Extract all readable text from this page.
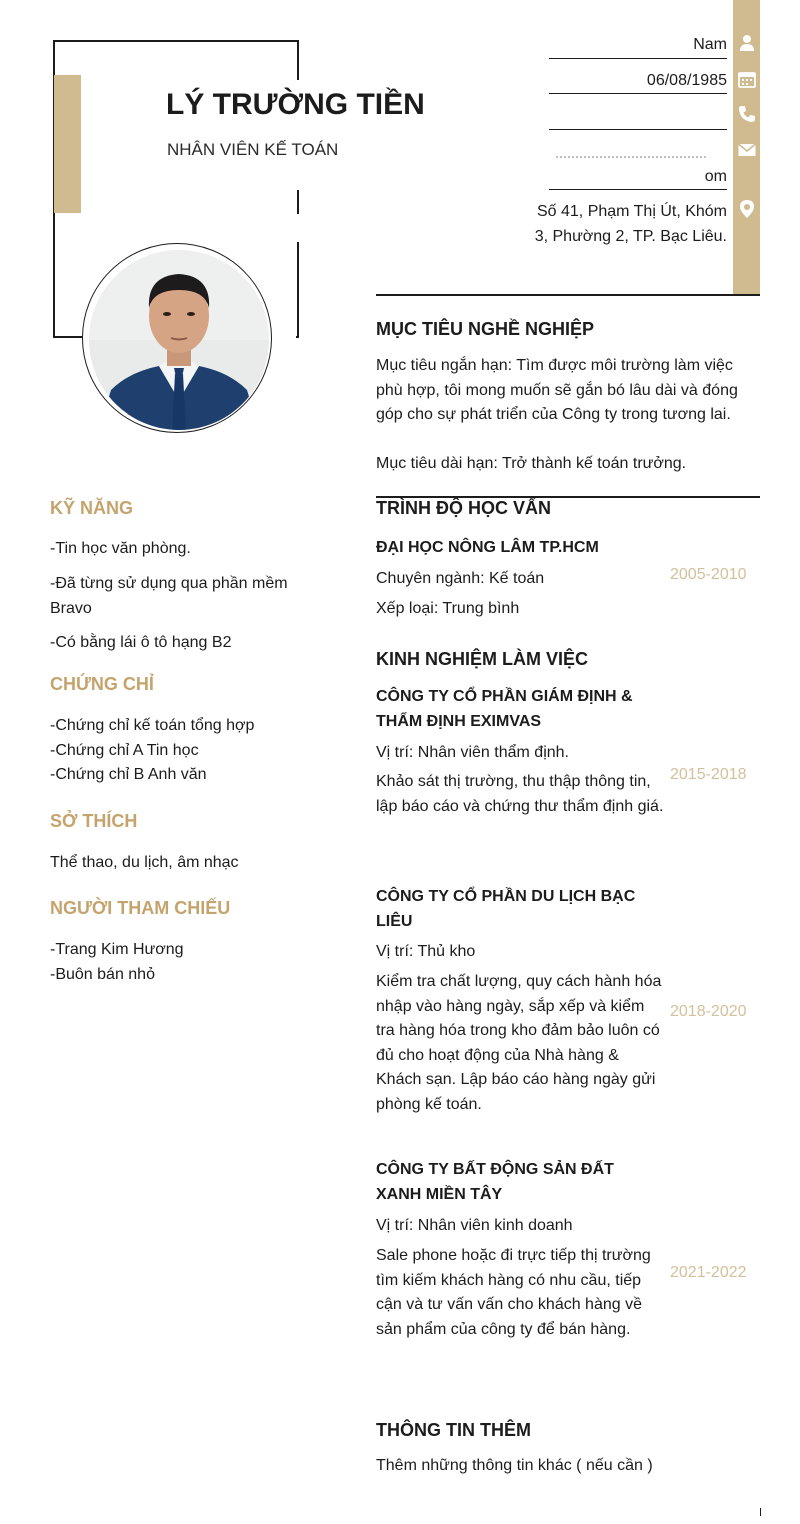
LÝ TRƯỜNG TIỀN
NHÂN VIÊN KẾ TOÁN
Nam
06/08/1985
om
Số 41, Phạm Thị Út, Khóm 3, Phường 2, TP. Bạc Liêu.
MỤC TIÊU NGHỀ NGHIỆP
Mục tiêu ngắn hạn: Tìm được môi trường làm việc phù hợp, tôi mong muốn sẽ gắn bó lâu dài và đóng góp cho sự phát triển của Công ty trong tương lai.
Mục tiêu dài hạn: Trở thành kế toán trưởng.
TRÌNH ĐỘ HỌC VẤN
ĐẠI HỌC NÔNG LÂM TP.HCM
Chuyên ngành: Kế toán
Xếp loại: Trung bình
2005-2010
KINH NGHIỆM LÀM VIỆC
CÔNG TY CỔ PHẦN GIÁM ĐỊNH & THẨM ĐỊNH EXIMVAS
Vị trí: Nhân viên thẩm định.
Khảo sát thị trường, thu thập thông tin, lập báo cáo và chứng thư thẩm định giá.
2015-2018
CÔNG TY CỔ PHẦN DU LỊCH BẠC LIÊU
Vị trí: Thủ kho
Kiểm tra chất lượng, quy cách hành hóa nhập vào hàng ngày, sắp xếp và kiểm tra hàng hóa trong kho đảm bảo luôn có đủ cho hoạt động của Nhà hàng & Khách sạn. Lập báo cáo hàng ngày gửi phòng kế toán.
2018-2020
CÔNG TY BẤT ĐỘNG SẢN ĐẤT XANH MIỀN TÂY
Vị trí: Nhân viên kinh doanh
Sale phone hoặc đi trực tiếp thị trường tìm kiếm khách hàng có nhu cầu, tiếp cận và tư vấn vấn cho khách hàng về sản phẩm của công ty để bán hàng.
2021-2022
THÔNG TIN THÊM
Thêm những thông tin khác ( nếu cần )
KỸ NĂNG
-Tin học văn phòng.
-Đã từng sử dụng qua phần mềm Bravo
-Có bằng lái ô tô hạng B2
CHỨNG CHỈ
-Chứng chỉ kế toán tổng hợp
-Chứng chỉ A Tin học
-Chứng chỉ B Anh văn
SỞ THÍCH
Thể thao, du lịch, âm nhạc
NGƯỜI THAM CHIẾU
-Trang Kim Hương
-Buôn bán nhỏ
